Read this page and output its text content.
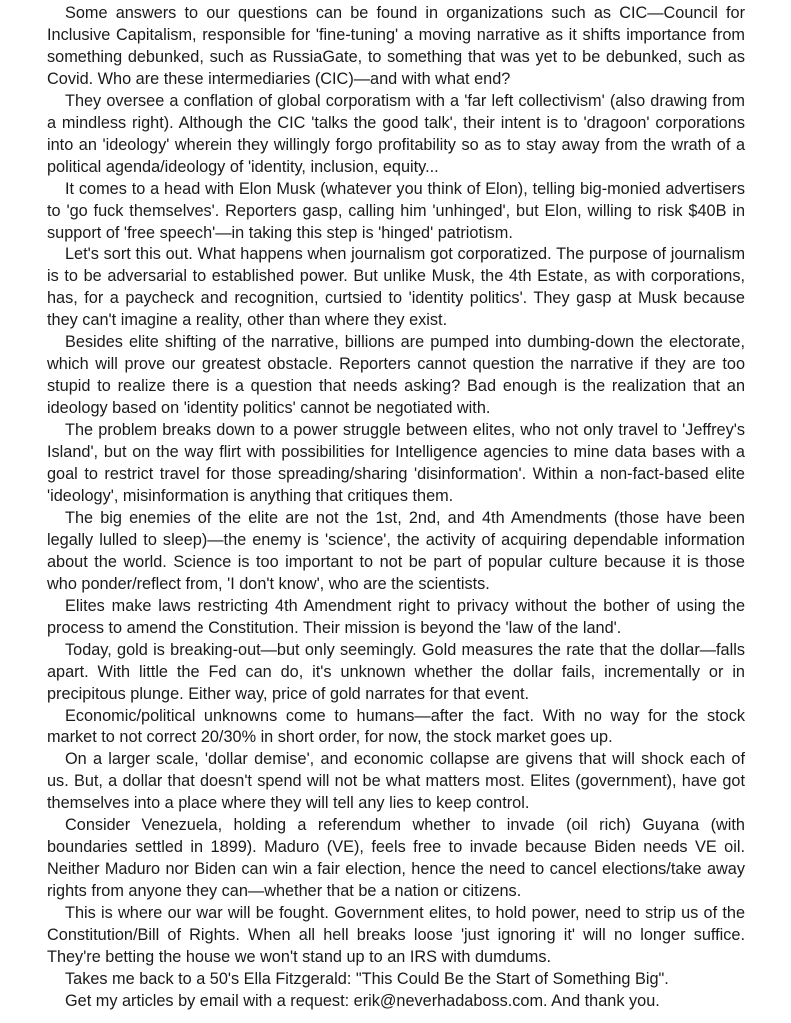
Some answers to our questions can be found in organizations such as CIC—Council for Inclusive Capitalism, responsible for 'fine-tuning' a moving narrative as it shifts importance from something debunked, such as RussiaGate, to something that was yet to be debunked, such as Covid. Who are these intermediaries (CIC)—and with what end?

They oversee a conflation of global corporatism with a 'far left collectivism' (also drawing from a mindless right). Although the CIC 'talks the good talk', their intent is to 'dragoon' corporations into an 'ideology' wherein they willingly forgo profitability so as to stay away from the wrath of a political agenda/ideology of 'identity, inclusion, equity...

It comes to a head with Elon Musk (whatever you think of Elon), telling big-monied advertisers to 'go fuck themselves'. Reporters gasp, calling him 'unhinged', but Elon, willing to risk $40B in support of 'free speech'—in taking this step is 'hinged' patriotism.

Let's sort this out. What happens when journalism got corporatized. The purpose of journalism is to be adversarial to established power. But unlike Musk, the 4th Estate, as with corporations, has, for a paycheck and recognition, curtsied to 'identity politics'. They gasp at Musk because they can't imagine a reality, other than where they exist.

Besides elite shifting of the narrative, billions are pumped into dumbing-down the electorate, which will prove our greatest obstacle. Reporters cannot question the narrative if they are too stupid to realize there is a question that needs asking? Bad enough is the realization that an ideology based on 'identity politics' cannot be negotiated with.

The problem breaks down to a power struggle between elites, who not only travel to 'Jeffrey's Island', but on the way flirt with possibilities for Intelligence agencies to mine data bases with a goal to restrict travel for those spreading/sharing 'disinformation'. Within a non-fact-based elite 'ideology', misinformation is anything that critiques them.

The big enemies of the elite are not the 1st, 2nd, and 4th Amendments (those have been legally lulled to sleep)—the enemy is 'science', the activity of acquiring dependable information about the world. Science is too important to not be part of popular culture because it is those who ponder/reflect from, 'I don't know', who are the scientists.

Elites make laws restricting 4th Amendment right to privacy without the bother of using the process to amend the Constitution. Their mission is beyond the 'law of the land'.

Today, gold is breaking-out—but only seemingly. Gold measures the rate that the dollar—falls apart. With little the Fed can do, it's unknown whether the dollar fails, incrementally or in precipitous plunge. Either way, price of gold narrates for that event.

Economic/political unknowns come to humans—after the fact. With no way for the stock market to not correct 20/30% in short order, for now, the stock market goes up.

On a larger scale, 'dollar demise', and economic collapse are givens that will shock each of us. But, a dollar that doesn't spend will not be what matters most. Elites (government), have got themselves into a place where they will tell any lies to keep control.

Consider Venezuela, holding a referendum whether to invade (oil rich) Guyana (with boundaries settled in 1899). Maduro (VE), feels free to invade because Biden needs VE oil. Neither Maduro nor Biden can win a fair election, hence the need to cancel elections/take away rights from anyone they can—whether that be a nation or citizens.

This is where our war will be fought. Government elites, to hold power, need to strip us of the Constitution/Bill of Rights. When all hell breaks loose 'just ignoring it' will no longer suffice. They're betting the house we won't stand up to an IRS with dumdums.

Takes me back to a 50's Ella Fitzgerald: "This Could Be the Start of Something Big".

Get my articles by email with a request: erik@neverhadaboss.com. And thank you.
